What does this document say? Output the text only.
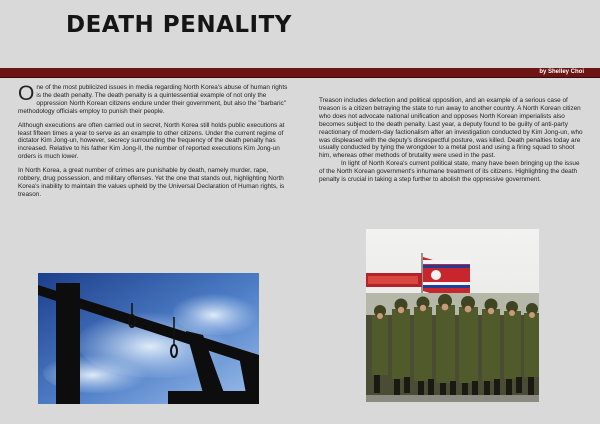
DEATH PENALITY
by Shelley Choi

One of the most publicized issues in media regarding North Korea's abuse of human rights is the death penalty. The death penalty is a quintessential example of not only the oppression North Korean citizens endure under their government, but also the "barbaric" methodology officials employ to punish their people.

Although executions are often carried out in secret, North Korea still holds public executions at least fifteen times a year to serve as an example to other citizens. Under the current regime of dictator Kim Jong-un, however, secrecy surrounding the frequency of the death penalty has increased. Relative to his father Kim Jong-Il, the number of reported executions Kim Jong-un orders is much lower.

In North Korea, a great number of crimes are punishable by death, namely murder, rape, robbery, drug possession, and military offenses. Yet the one that stands out, highlighting North Korea's inability to maintain the values upheld by the Universal Declaration of Human rights, is treason.

Treason includes defection and political opposition, and an example of a serious case of treason is a citizen betraying the state to run away to another country. A North Korean citizen who does not advocate national unification and opposes North Korean imperialists also becomes subject to the death penalty. Last year, a deputy found to be guilty of anti-party reactionary of modern-day factionalism after an investigation conducted by Kim Jong-un, who was displeased with the deputy's disrespectful posture, was killed. Death penalties today are usually conducted by tying the wrongdoer to a metal post and using a firing squad to shoot him, whereas other methods of brutality were used in the past.

In light of North Korea's current political state, many have been bringing up the issue of the North Korean government's inhumane treatment of its citizens. Highlighting the death penalty is crucial in taking a step further to abolish the oppressive government.
